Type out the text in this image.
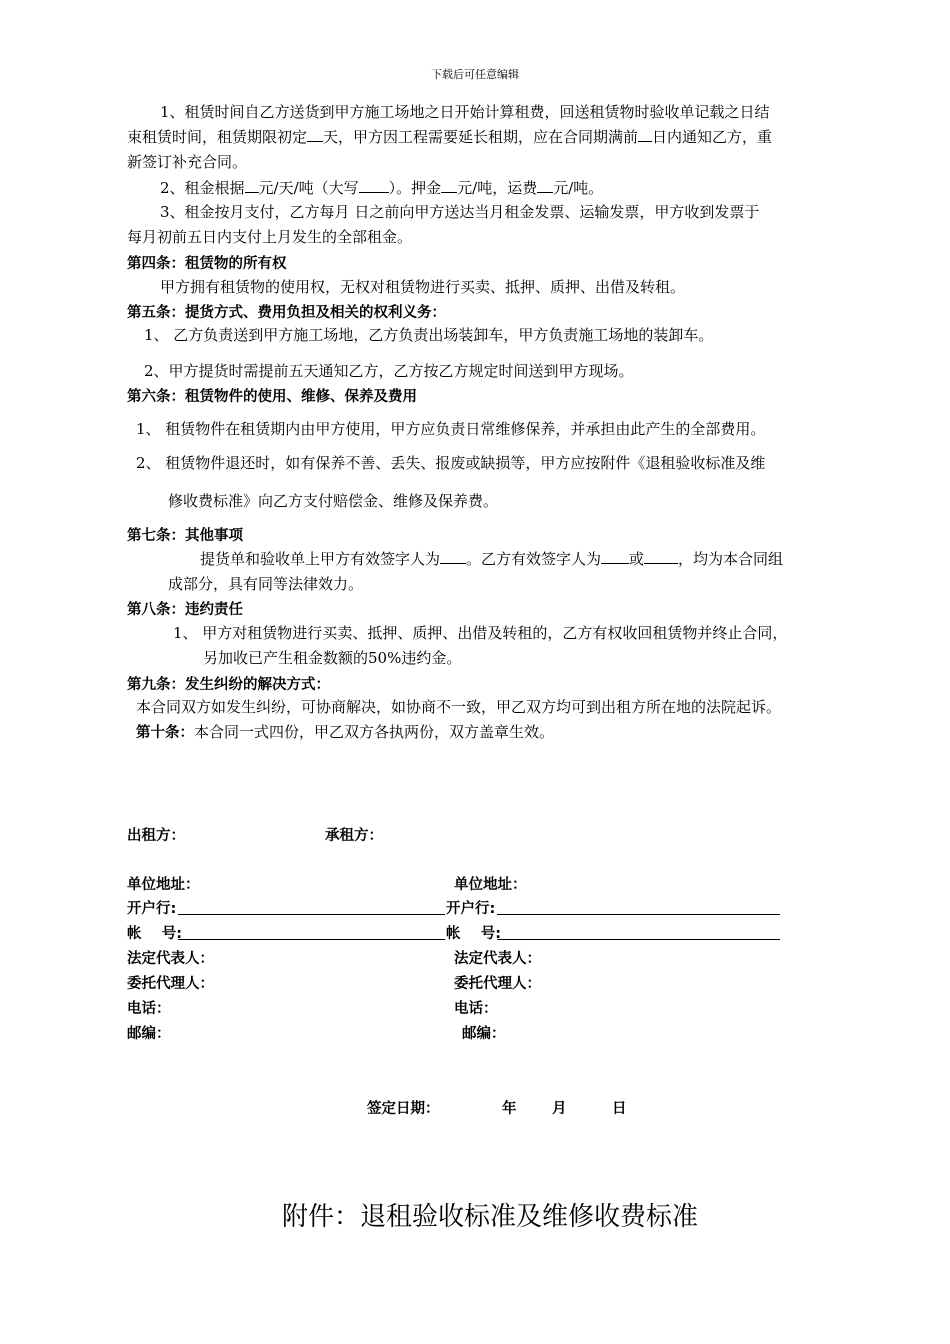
下载后可任意编辑
1、租赁时间自乙方送货到甲方施工场地之日开始计算租费，回送租赁物时验收单记载之日结
束租赁时间，租赁期限初定 天，甲方因工程需要延长租期，应在合同期满前 日内通知乙方，重
新签订补充合同。
2、租金根据 元/天/吨（大写 ）。押金 元/吨，运费 元/吨。
3、租金按月支付，乙方每月 日之前向甲方送达当月租金发票、运输发票，甲方收到发票于
每月初前五日内支付上月发生的全部租金。
第四条：租赁物的所有权
甲方拥有租赁物的使用权，无权对租赁物进行买卖、抵押、质押、出借及转租。
第五条：提货方式、费用负担及相关的权利义务：
1、 乙方负责送到甲方施工场地，乙方负责出场装卸车，甲方负责施工场地的装卸车。
2、甲方提货时需提前五天通知乙方，乙方按乙方规定时间送到甲方现场。
第六条：租赁物件的使用、维修、保养及费用
1、 租赁物件在租赁期内由甲方使用，甲方应负责日常维修保养，并承担由此产生的全部费用。
2、 租赁物件退还时，如有保养不善、丢失、报废或缺损等，甲方应按附件《退租验收标准及维
修收费标准》向乙方支付赔偿金、维修及保养费。
第七条：其他事项
提货单和验收单上甲方有效签字人为 。乙方有效签字人为 或 ，均为本合同组
成部分，具有同等法律效力。
第八条：违约责任
1、 甲方对租赁物进行买卖、抵押、质押、出借及转租的，乙方有权收回租赁物并终止合同，
另加收已产生租金数额的50%违约金。
第九条：发生纠纷的解决方式：
本合同双方如发生纠纷，可协商解决，如协商不一致，甲乙双方均可到出租方所在地的法院起诉。
第十条：本合同一式四份，甲乙双方各执两份，双方盖章生效。
出租方：	承租方：
单位地址：	单位地址：
开户行:	开户行:
帐    号:	帐    号:
法定代表人：	法定代表人：
委托代理人：	委托代理人：
电话：	电话：
邮编：	邮编：
签定日期：	年 月	日
附件：退租验收标准及维修收费标准
